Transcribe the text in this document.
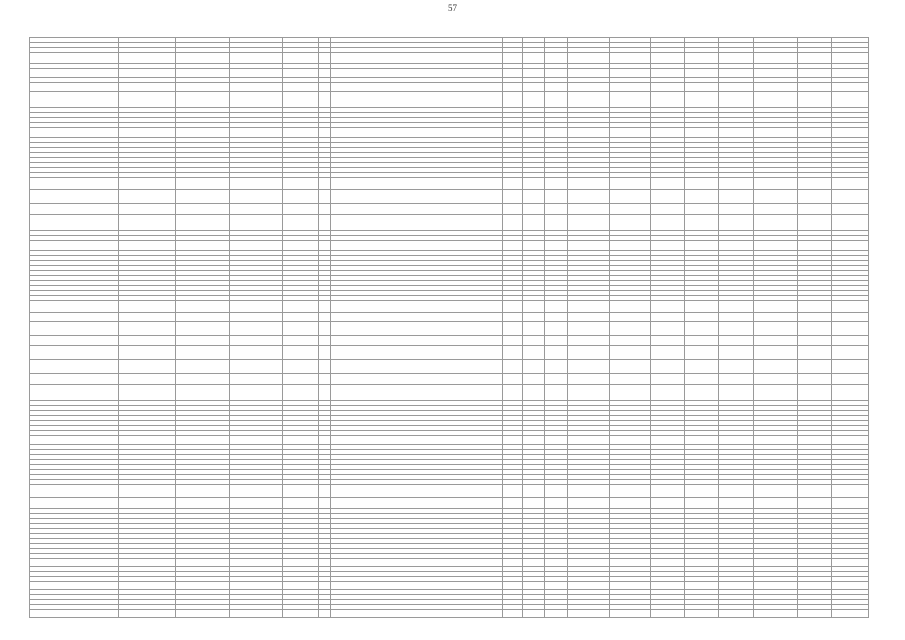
57
